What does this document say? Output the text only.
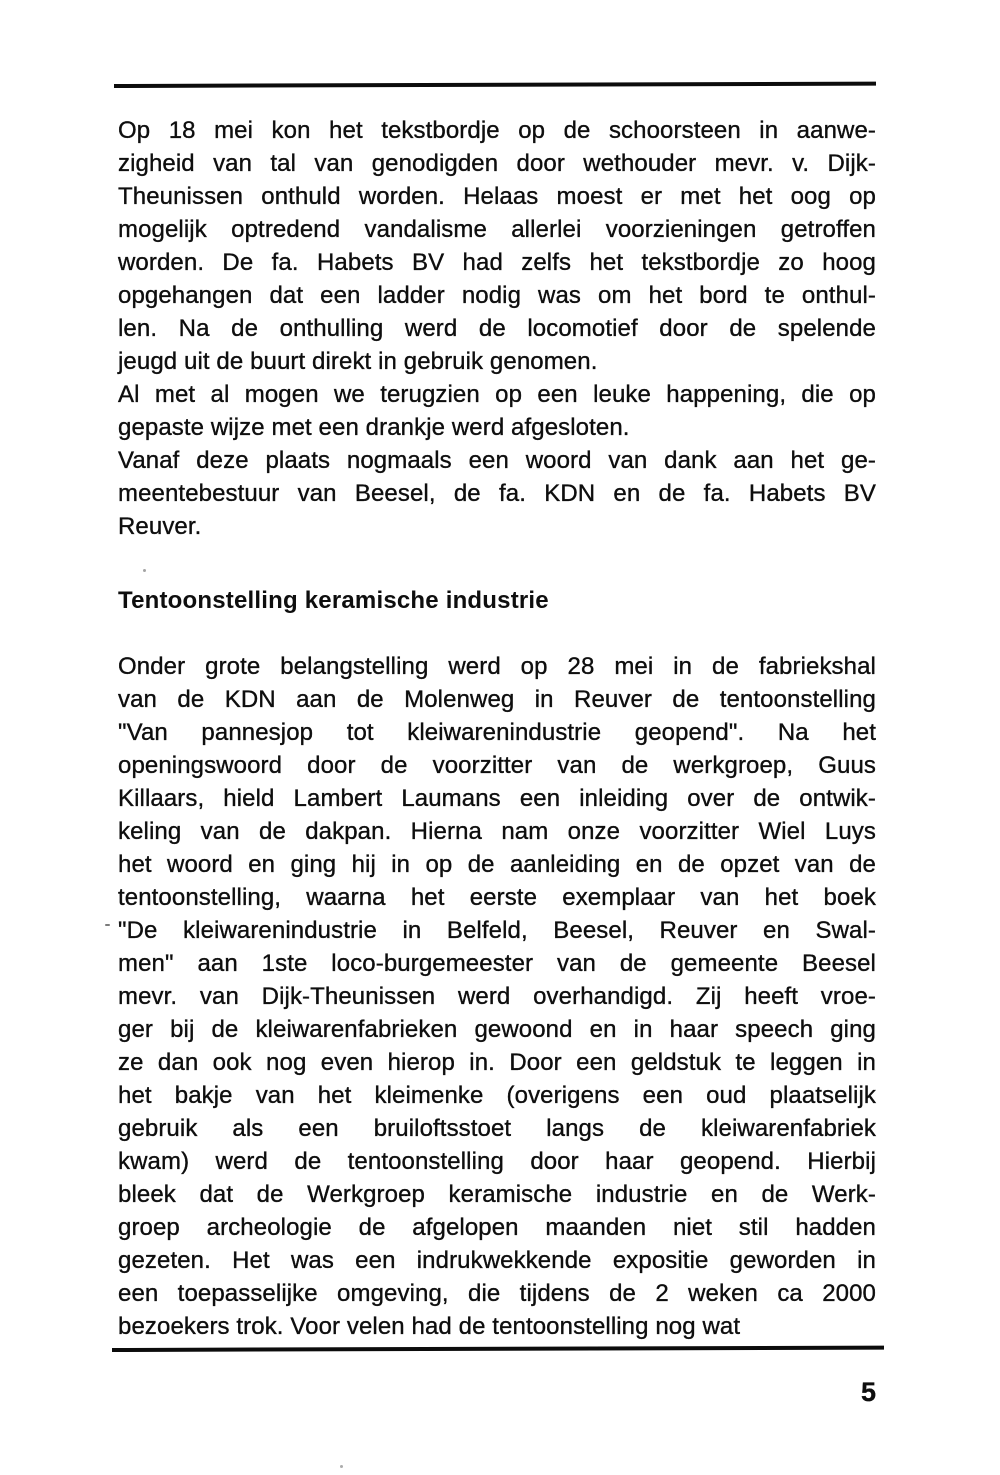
Op 18 mei kon het tekstbordje op de schoorsteen in aanwe-
zigheid van tal van genodigden door wethouder mevr. v. Dijk-
Theunissen onthuld worden. Helaas moest er met het oog op
mogelijk optredend vandalisme allerlei voorzieningen getroffen
worden. De fa. Habets BV had zelfs het tekstbordje zo hoog
opgehangen dat een ladder nodig was om het bord te onthul-
len. Na de onthulling werd de locomotief door de spelende
jeugd uit de buurt direkt in gebruik genomen.
Al met al mogen we terugzien op een leuke happening, die op
gepaste wijze met een drankje werd afgesloten.
Vanaf deze plaats nogmaals een woord van dank aan het ge-
meentebestuur van Beesel, de fa. KDN en de fa. Habets BV
Reuver.
Tentoonstelling keramische industrie
Onder grote belangstelling werd op 28 mei in de fabriekshal
van de KDN aan de Molenweg in Reuver de tentoonstelling
"Van pannesjop tot kleiwarenindustrie geopend". Na het
openingswoord door de voorzitter van de werkgroep, Guus
Killaars, hield Lambert Laumans een inleiding over de ontwik-
keling van de dakpan. Hierna nam onze voorzitter Wiel Luys
het woord en ging hij in op de aanleiding en de opzet van de
tentoonstelling, waarna het eerste exemplaar van het boek
"De kleiwarenindustrie in Belfeld, Beesel, Reuver en Swal-
men" aan 1ste loco-burgemeester van de gemeente Beesel
mevr. van Dijk-Theunissen werd overhandigd. Zij heeft vroe-
ger bij de kleiwarenfabrieken gewoond en in haar speech ging
ze dan ook nog even hierop in. Door een geldstuk te leggen in
het bakje van het kleimenke (overigens een oud plaatselijk
gebruik als een bruiloftsstoet langs de kleiwarenfabriek
kwam) werd de tentoonstelling door haar geopend. Hierbij
bleek dat de Werkgroep keramische industrie en de Werk-
groep archeologie de afgelopen maanden niet stil hadden
gezeten. Het was een indrukwekkende expositie geworden in
een toepasselijke omgeving, die tijdens de 2 weken ca 2000
bezoekers trok. Voor velen had de tentoonstelling nog wat
5
